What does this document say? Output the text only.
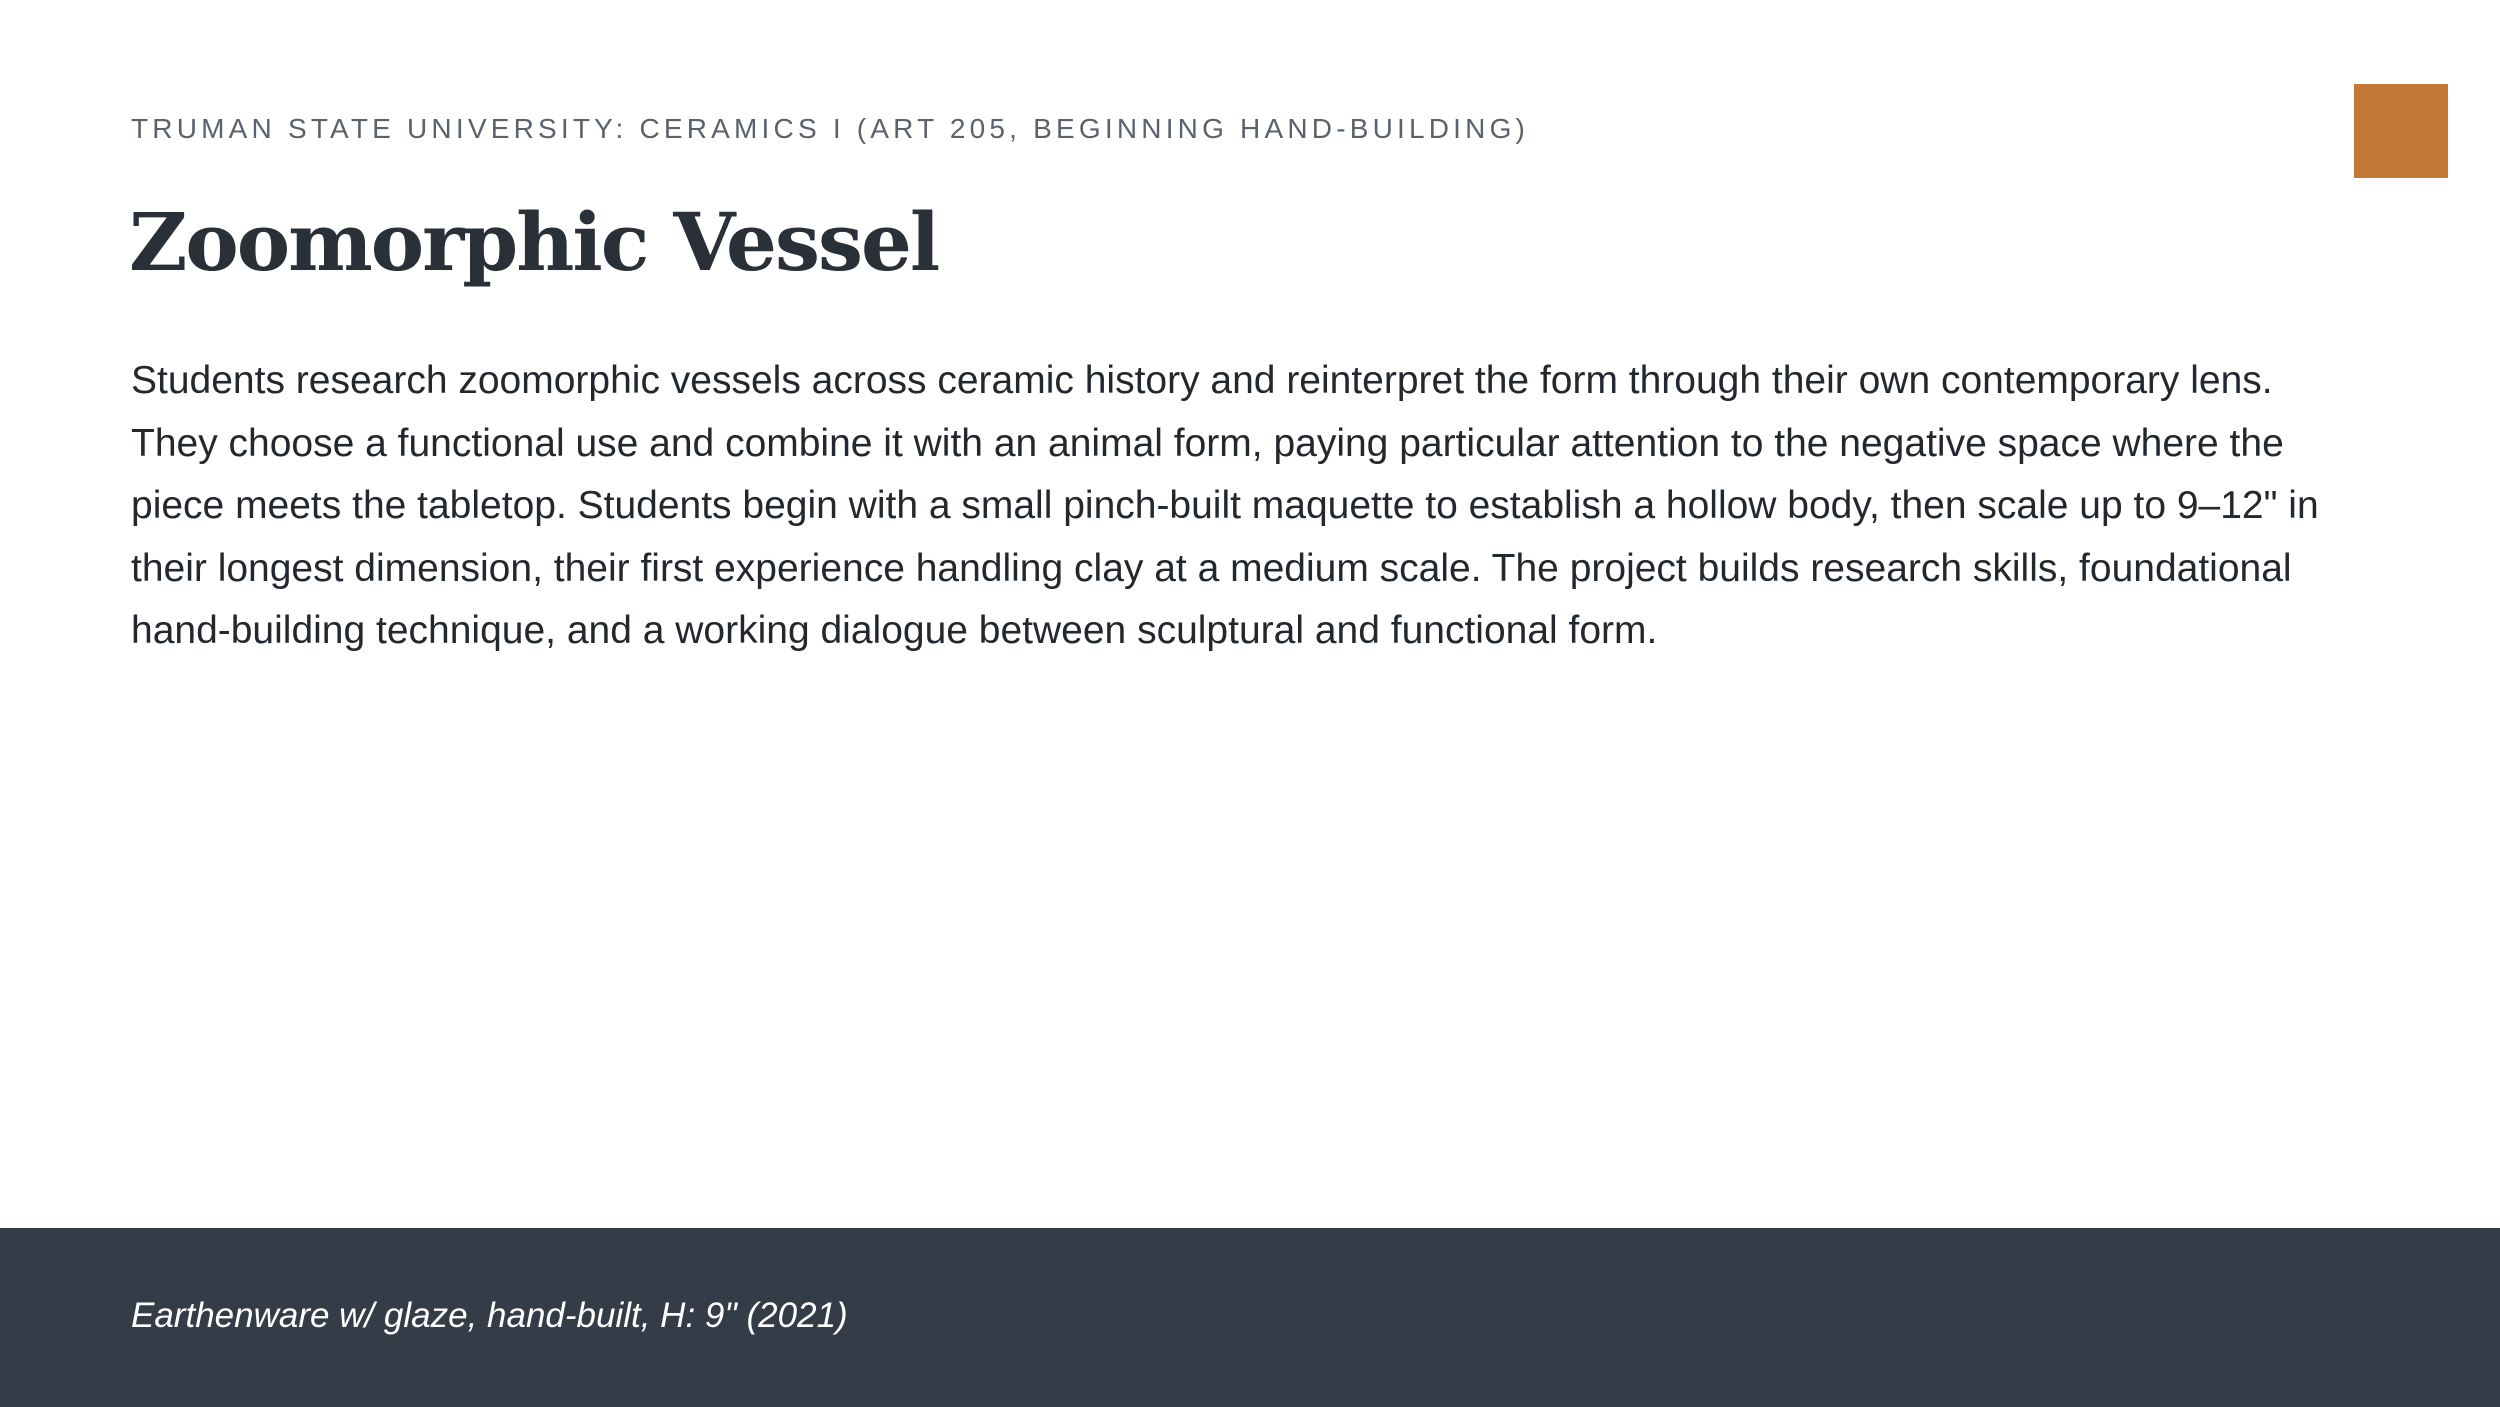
TRUMAN STATE UNIVERSITY: CERAMICS I (ART 205, BEGINNING HAND-BUILDING)
Zoomorphic Vessel

Students research zoomorphic vessels across ceramic history and reinterpret the form through their own contemporary lens. They choose a functional use and combine it with an animal form, paying particular attention to the negative space where the piece meets the tabletop. Students begin with a small pinch-built maquette to establish a hollow body, then scale up to 9–12" in their longest dimension, their first experience handling clay at a medium scale. The project builds research skills, foundational hand-building technique, and a working dialogue between sculptural and functional form.

Earthenware w/ glaze, hand-built, H: 9" (2021)
